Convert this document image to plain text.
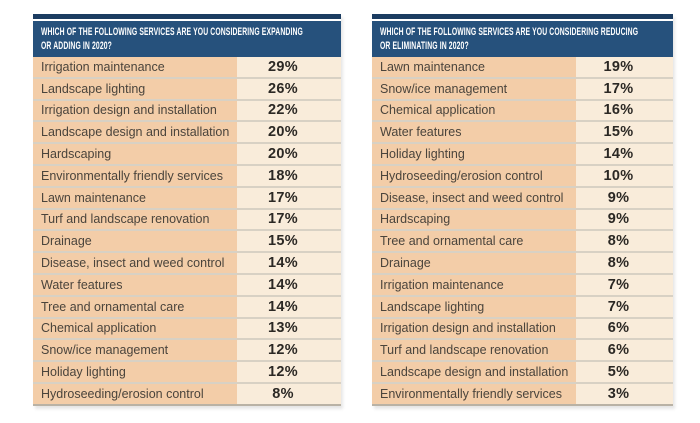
WHICH OF THE FOLLOWING SERVICES ARE YOU CONSIDERING EXPANDING
OR ADDING IN 2020?
Irrigation maintenance	29%
Landscape lighting	26%
Irrigation design and installation	22%
Landscape design and installation	20%
Hardscaping	20%
Environmentally friendly services	18%
Lawn maintenance	17%
Turf and landscape renovation	17%
Drainage	15%
Disease, insect and weed control	14%
Water features	14%
Tree and ornamental care	14%
Chemical application	13%
Snow/ice management	12%
Holiday lighting	12%
Hydroseeding/erosion control	8%
WHICH OF THE FOLLOWING SERVICES ARE YOU CONSIDERING REDUCING
OR ELIMINATING IN 2020?
Lawn maintenance	19%
Snow/ice management	17%
Chemical application	16%
Water features	15%
Holiday lighting	14%
Hydroseeding/erosion control	10%
Disease, insect and weed control	9%
Hardscaping	9%
Tree and ornamental care	8%
Drainage	8%
Irrigation maintenance	7%
Landscape lighting	7%
Irrigation design and installation	6%
Turf and landscape renovation	6%
Landscape design and installation	5%
Environmentally friendly services	3%
